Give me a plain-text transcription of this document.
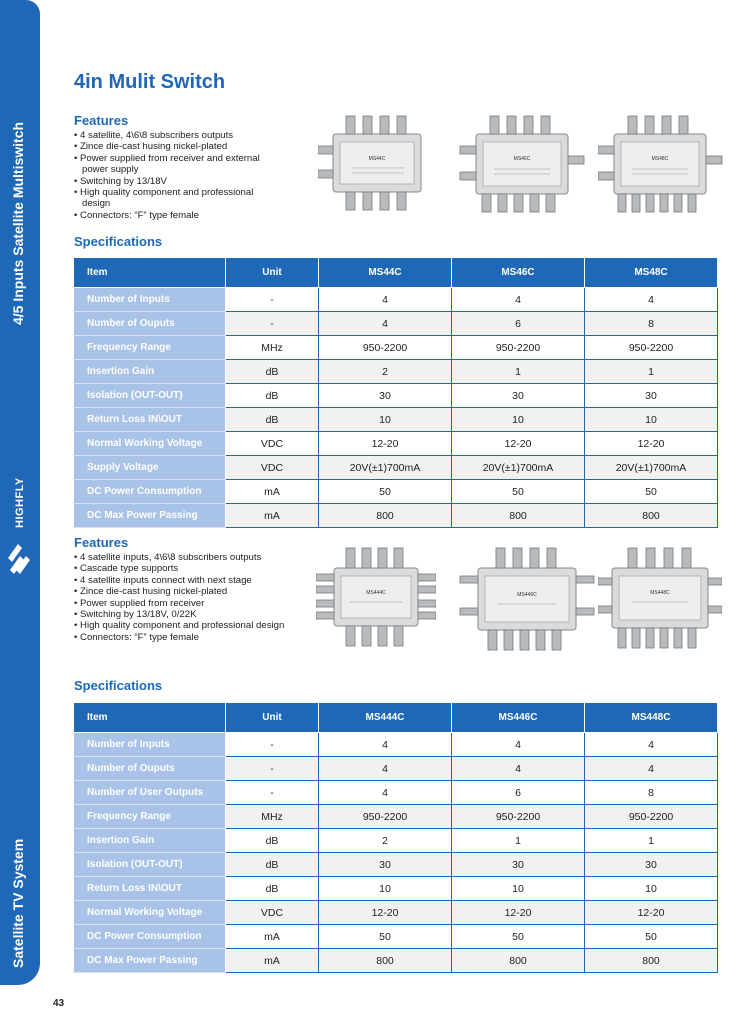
4/5 Inputs Satellite Multiswitch
HIGHFLY
Satellite TV System
43
4in Mulit Switch
Features
• 4 satellite, 4\6\8 subscribers outputs
• Zince die-cast husing nickel-plated
• Power supplied from receiver and external power supply
• Switching by 13/18V
• High quality component and professional design
• Connectors: “F” type female
MS44C	MS46C	MS48C
Specifications
Item	Unit	MS44C	MS46C	MS48C
Number of Inputs	-	4	4	4
Number of Ouputs	-	4	6	8
Frequency Range	MHz	950-2200	950-2200	950-2200
Insertion Gain	dB	2	1	1
Isolation (OUT-OUT)	dB	30	30	30
Return Loss IN\OUT	dB	10	10	10
Normal Working Voltage	VDC	12-20	12-20	12-20
Supply Voltage	VDC	20V(±1)700mA	20V(±1)700mA	20V(±1)700mA
DC Power Consumption	mA	50	50	50
DC Max Power Passing	mA	800	800	800
Features
• 4 satellite inputs, 4\6\8 subscribers outputs
• Cascade type supports
• 4 satellite inputs connect with next stage
• Zince die-cast husing nickel-plated
• Power supplied from receiver
• Switching by 13/18V, 0/22K
• High quality component and professional design
• Connectors: “F” type female
MS444C	MS446C	MS448C
Specifications
Item	Unit	MS444C	MS446C	MS448C
Number of Inputs	-	4	4	4
Number of Ouputs	-	4	4	4
Number of User Outputs	-	4	6	8
Frequency Range	MHz	950-2200	950-2200	950-2200
Insertion Gain	dB	2	1	1
Isolation (OUT-OUT)	dB	30	30	30
Return Loss IN\OUT	dB	10	10	10
Normal Working Voltage	VDC	12-20	12-20	12-20
DC Power Consumption	mA	50	50	50
DC Max Power Passing	mA	800	800	800
